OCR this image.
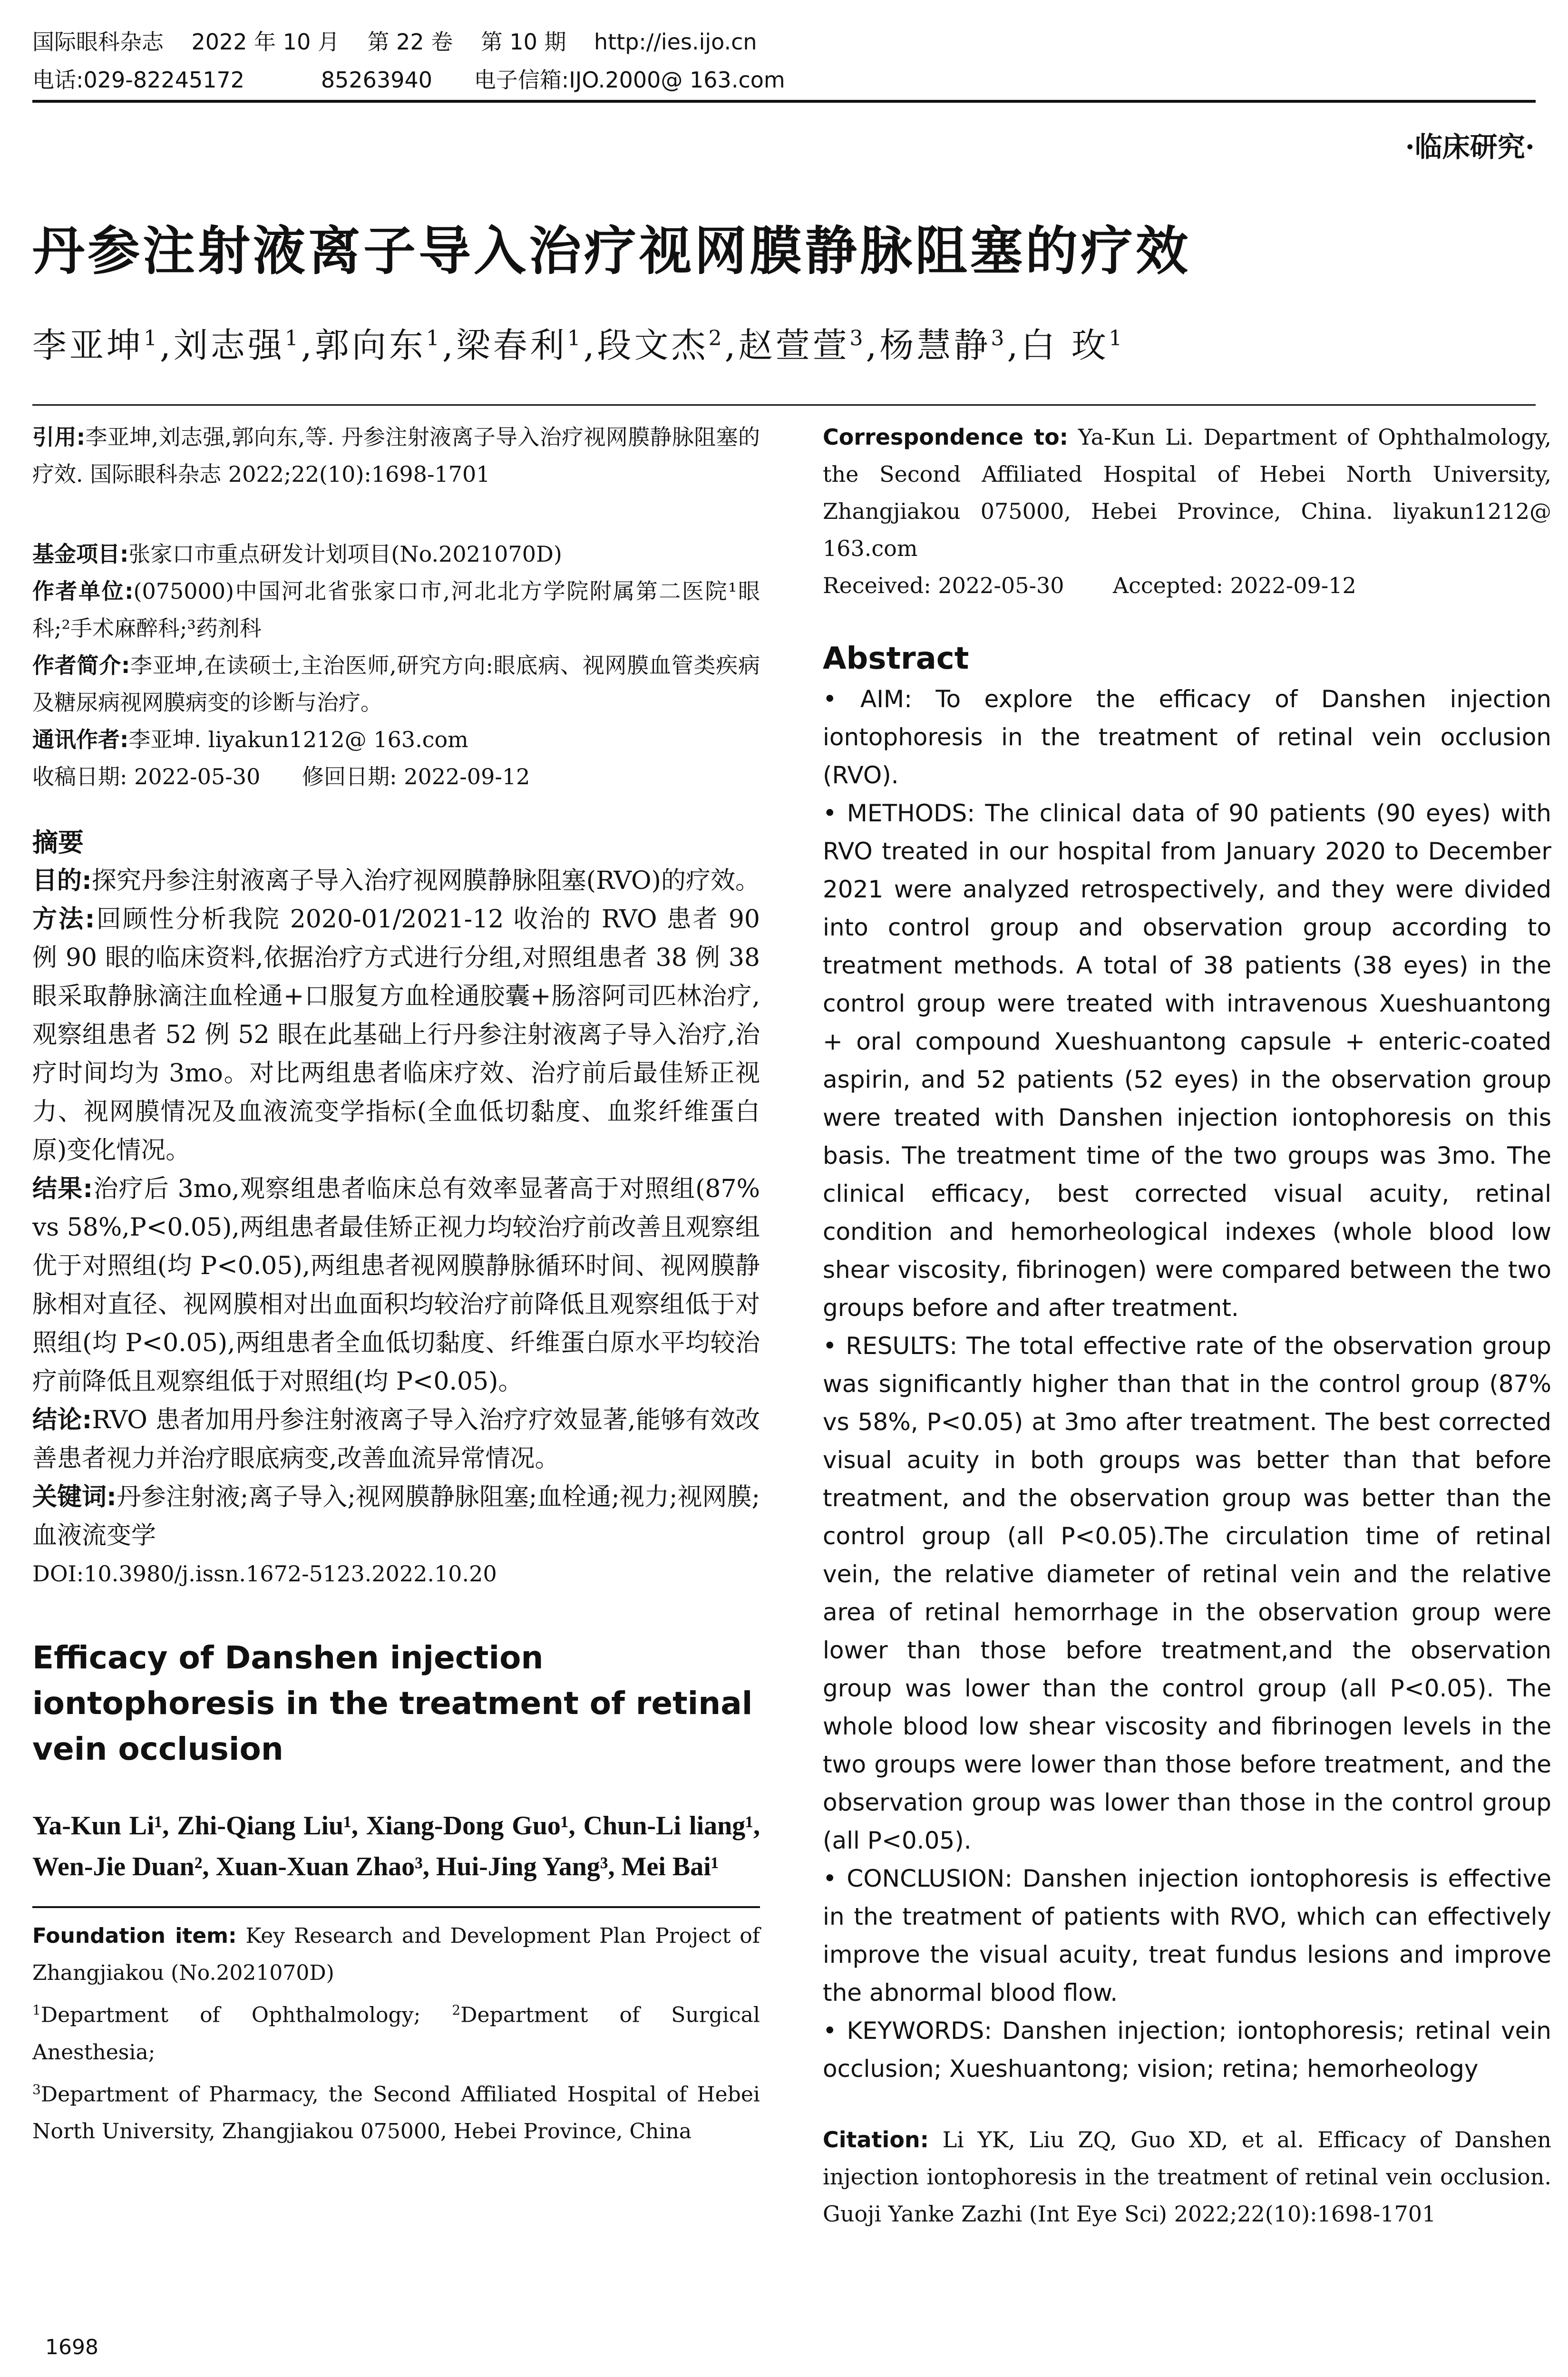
国际眼科杂志    2022 年 10 月    第 22 卷    第 10 期    http://ies.ijo.cn
电话:029-82245172           85263940      电子信箱:IJO.2000@ 163.com
·临床研究·
丹参注射液离子导入治疗视网膜静脉阻塞的疗效
李亚坤$^1$,刘志强$^1$,郭向东$^1$,梁春利$^1$,段文杰$^2$,赵萱萱$^3$,杨慧静$^3$,白 玫$^1$

引用:李亚坤,刘志强,郭向东,等. 丹参注射液离子导入治疗视网膜静脉阻塞的疗效. 国际眼科杂志 2022;22(10):1698-1701

基金项目:张家口市重点研发计划项目(No.2021070D)

作者单位:(075000)中国河北省张家口市,河北北方学院附属第二医院¹眼科;²手术麻醉科;³药剂科

作者简介:李亚坤,在读硕士,主治医师,研究方向:眼底病、视网膜血管类疾病及糖尿病视网膜病变的诊断与治疗。

通讯作者:李亚坤. liyakun1212@ 163.com

收稿日期: 2022-05-30      修回日期: 2022-09-12

摘要

目的:探究丹参注射液离子导入治疗视网膜静脉阻塞(RVO)的疗效。

方法:回顾性分析我院 2020-01/2021-12 收治的 RVO 患者 90 例 90 眼的临床资料,依据治疗方式进行分组,对照组患者 38 例 38 眼采取静脉滴注血栓通+口服复方血栓通胶囊+肠溶阿司匹林治疗,观察组患者 52 例 52 眼在此基础上行丹参注射液离子导入治疗,治疗时间均为 3mo。对比两组患者临床疗效、治疗前后最佳矫正视力、视网膜情况及血液流变学指标(全血低切黏度、血浆纤维蛋白原)变化情况。

结果:治疗后 3mo,观察组患者临床总有效率显著高于对照组(87% vs 58%,P<0.05),两组患者最佳矫正视力均较治疗前改善且观察组优于对照组(均 P<0.05),两组患者视网膜静脉循环时间、视网膜静脉相对直径、视网膜相对出血面积均较治疗前降低且观察组低于对照组(均 P<0.05),两组患者全血低切黏度、纤维蛋白原水平均较治疗前降低且观察组低于对照组(均 P<0.05)。

结论:RVO 患者加用丹参注射液离子导入治疗疗效显著,能够有效改善患者视力并治疗眼底病变,改善血流异常情况。

关键词:丹参注射液;离子导入;视网膜静脉阻塞;血栓通;视力;视网膜;血液流变学

DOI:10.3980/j.issn.1672-5123.2022.10.20

Efficacy of Danshen injection iontophoresis in the treatment of retinal vein occlusion

Ya-Kun Li¹, Zhi-Qiang Liu¹, Xiang-Dong Guo¹, Chun-Li liang¹, Wen-Jie Duan², Xuan-Xuan Zhao³, Hui-Jing Yang³, Mei Bai¹

Foundation item: Key Research and Development Plan Project of Zhangjiakou (No.2021070D)

$^1$Department of Ophthalmology; $^2$Department of Surgical Anesthesia;

$^3$Department of Pharmacy, the Second Affiliated Hospital of Hebei North University, Zhangjiakou 075000, Hebei Province, China

Correspondence to: Ya-Kun Li. Department of Ophthalmology, the Second Affiliated Hospital of Hebei North University, Zhangjiakou 075000, Hebei Province, China. liyakun1212@ 163.com

Received: 2022-05-30       Accepted: 2022-09-12

Abstract

• AIM: To explore the efficacy of Danshen injection iontophoresis in the treatment of retinal vein occlusion (RVO).

• METHODS: The clinical data of 90 patients (90 eyes) with RVO treated in our hospital from January 2020 to December 2021 were analyzed retrospectively, and they were divided into control group and observation group according to treatment methods. A total of 38 patients (38 eyes) in the control group were treated with intravenous Xueshuantong + oral compound Xueshuantong capsule + enteric-coated aspirin, and 52 patients (52 eyes) in the observation group were treated with Danshen injection iontophoresis on this basis. The treatment time of the two groups was 3mo. The clinical efficacy, best corrected visual acuity, retinal condition and hemorheological indexes (whole blood low shear viscosity, fibrinogen) were compared between the two groups before and after treatment.

• RESULTS: The total effective rate of the observation group was significantly higher than that in the control group (87% vs 58%, P<0.05) at 3mo after treatment. The best corrected visual acuity in both groups was better than that before treatment, and the observation group was better than the control group (all P<0.05).The circulation time of retinal vein, the relative diameter of retinal vein and the relative area of retinal hemorrhage in the observation group were lower than those before treatment,and the observation group was lower than the control group (all P<0.05). The whole blood low shear viscosity and fibrinogen levels in the two groups were lower than those before treatment, and the observation group was lower than those in the control group (all P<0.05).

• CONCLUSION: Danshen injection iontophoresis is effective in the treatment of patients with RVO, which can effectively improve the visual acuity, treat fundus lesions and improve the abnormal blood flow.

• KEYWORDS: Danshen injection; iontophoresis; retinal vein occlusion; Xueshuantong; vision; retina; hemorheology

Citation: Li YK, Liu ZQ, Guo XD, et al. Efficacy of Danshen injection iontophoresis in the treatment of retinal vein occlusion. Guoji Yanke Zazhi (Int Eye Sci) 2022;22(10):1698-1701

1698
